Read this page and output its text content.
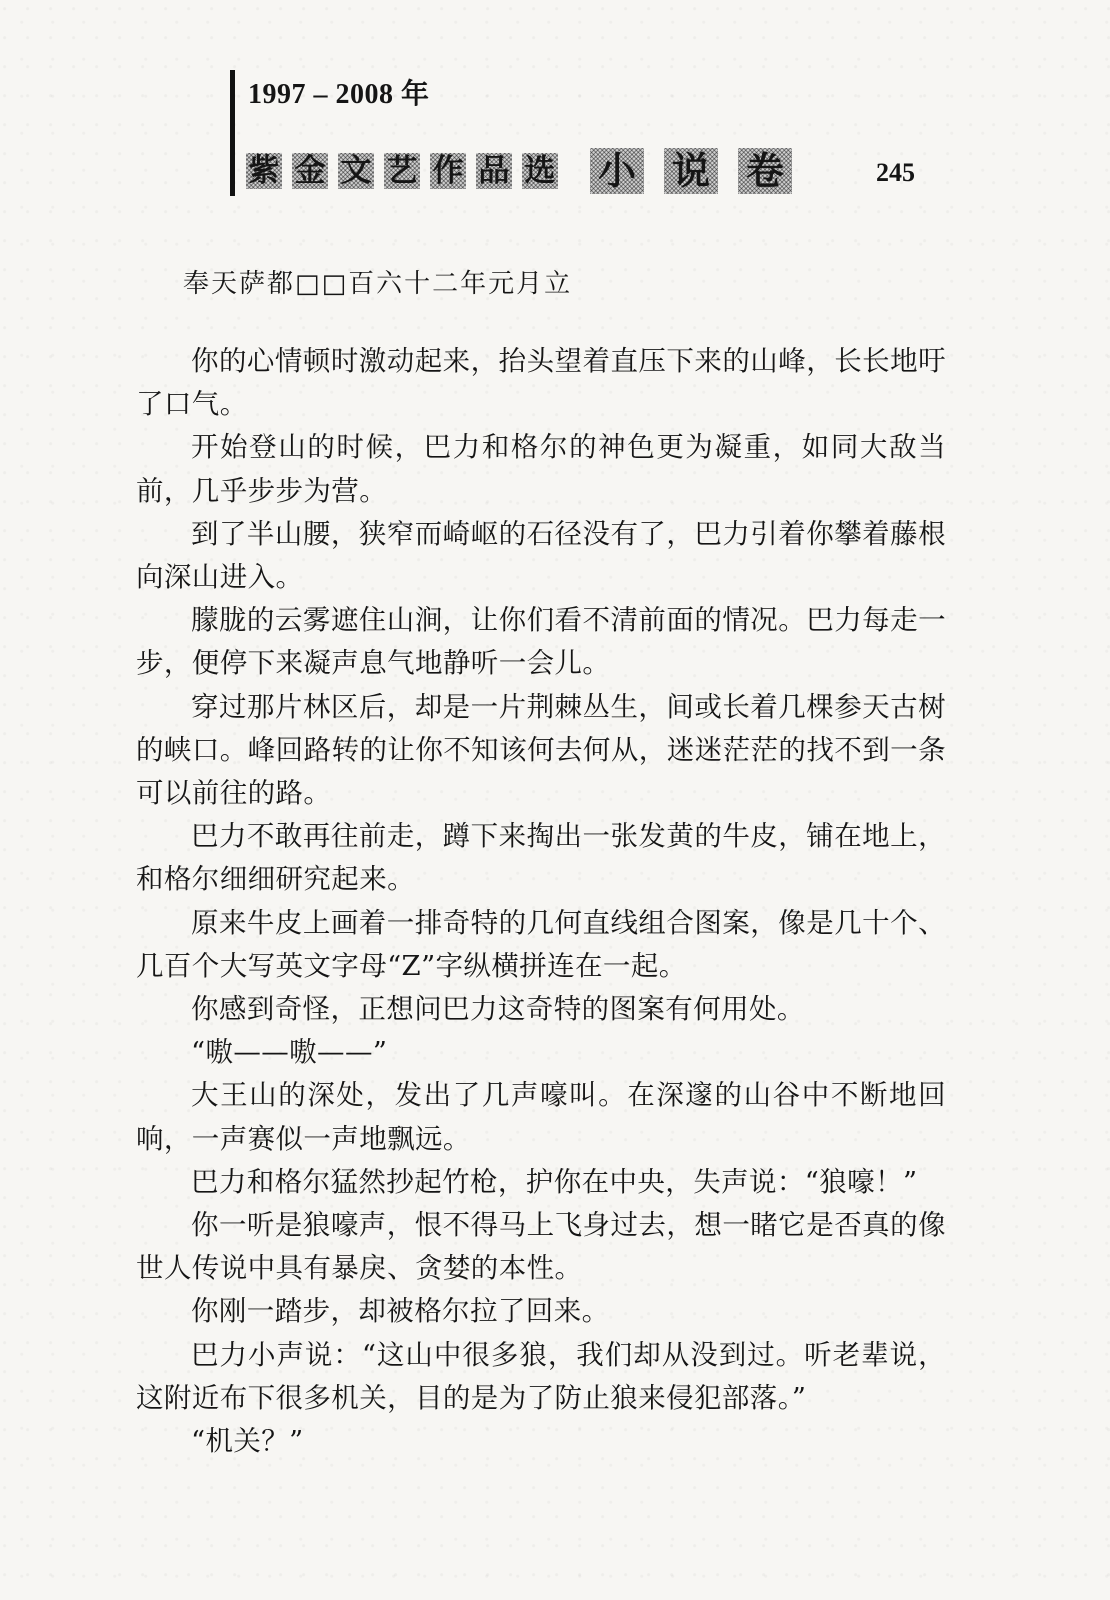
1997 – 2008 年
紫 金 文 艺 作 品 选 小 说 卷	245
奉天萨都□□百六十二年元月立

你的心情顿时激动起来，抬头望着直压下来的山峰，长长地吁了口气。

开始登山的时候，巴力和格尔的神色更为凝重，如同大敌当前，几乎步步为营。

到了半山腰，狭窄而崎岖的石径没有了，巴力引着你攀着藤根向深山进入。

朦胧的云雾遮住山涧，让你们看不清前面的情况。巴力每走一步，便停下来凝声息气地静听一会儿。

穿过那片林区后，却是一片荆棘丛生，间或长着几棵参天古树的峡口。峰回路转的让你不知该何去何从，迷迷茫茫的找不到一条可以前往的路。

巴力不敢再往前走，蹲下来掏出一张发黄的牛皮，铺在地上，和格尔细细研究起来。

原来牛皮上画着一排奇特的几何直线组合图案，像是几十个、几百个大写英文字母“Z”字纵横拼连在一起。

你感到奇怪，正想问巴力这奇特的图案有何用处。

“嗷——嗷——”

大王山的深处，发出了几声嚎叫。在深邃的山谷中不断地回响，一声赛似一声地飘远。

巴力和格尔猛然抄起竹枪，护你在中央，失声说：“狼嚎！”

你一听是狼嚎声，恨不得马上飞身过去，想一睹它是否真的像世人传说中具有暴戾、贪婪的本性。

你刚一踏步，却被格尔拉了回来。

巴力小声说：“这山中很多狼，我们却从没到过。听老辈说，这附近布下很多机关，目的是为了防止狼来侵犯部落。”

“机关？”
